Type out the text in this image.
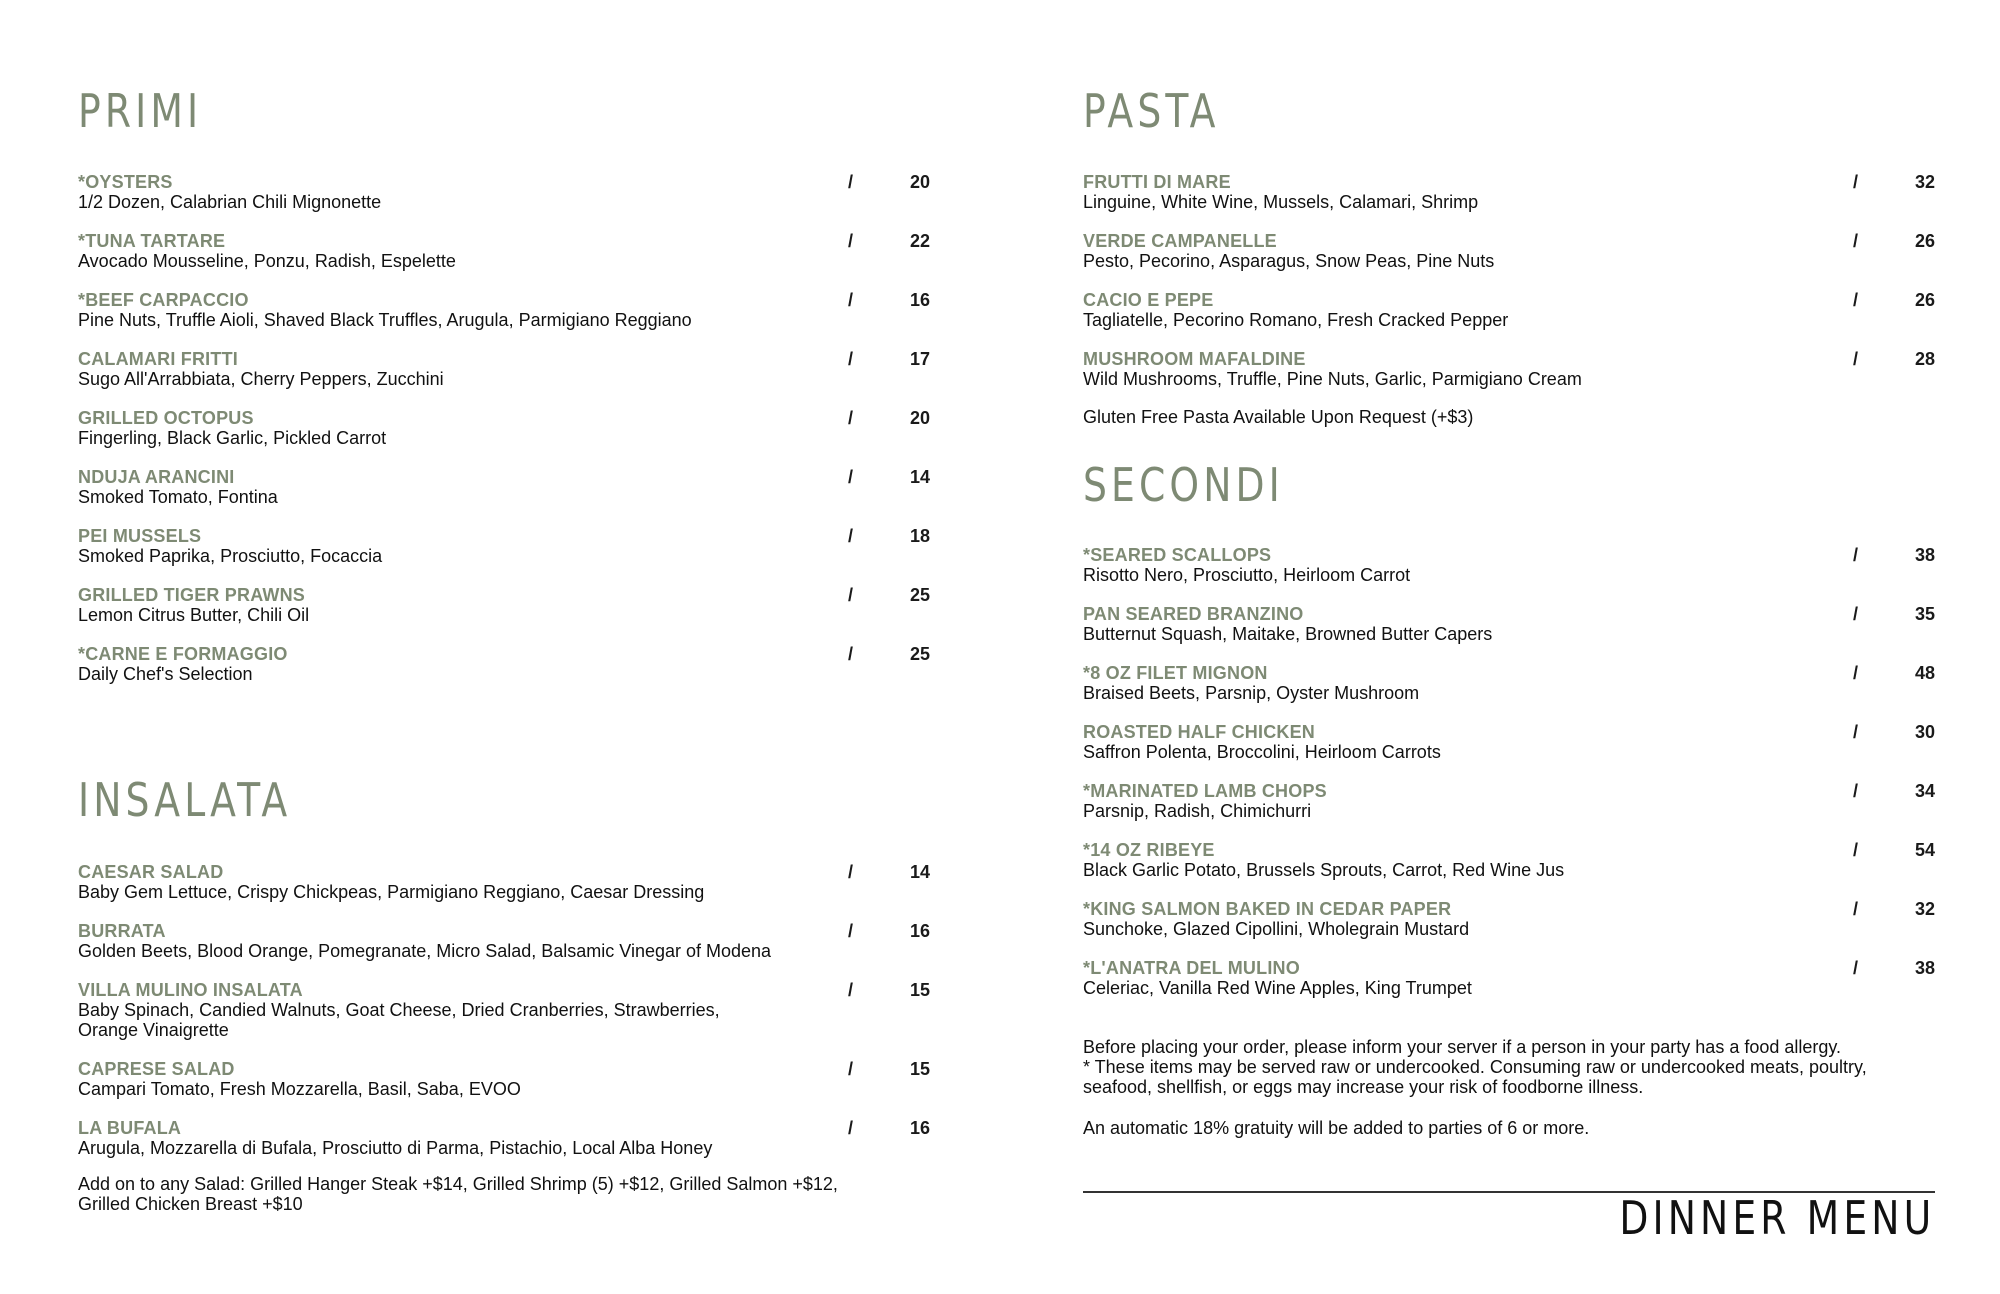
PRIMI
*OYSTERS
1/2 Dozen, Calabrian Chili Mignonette
/	20
*TUNA TARTARE
Avocado Mousseline, Ponzu, Radish, Espelette
/	22
*BEEF CARPACCIO
Pine Nuts, Truffle Aioli, Shaved Black Truffles, Arugula, Parmigiano Reggiano
/	16
CALAMARI FRITTI
Sugo All'Arrabbiata, Cherry Peppers, Zucchini
/	17
GRILLED OCTOPUS
Fingerling, Black Garlic, Pickled Carrot
/	20
NDUJA ARANCINI
Smoked Tomato, Fontina
/	14
PEI MUSSELS
Smoked Paprika, Prosciutto, Focaccia
/	18
GRILLED TIGER PRAWNS
Lemon Citrus Butter, Chili Oil
/	25
*CARNE E FORMAGGIO
Daily Chef's Selection
/	25
INSALATA
CAESAR SALAD
Baby Gem Lettuce, Crispy Chickpeas, Parmigiano Reggiano, Caesar Dressing
/	14
BURRATA
Golden Beets, Blood Orange, Pomegranate, Micro Salad, Balsamic Vinegar of Modena
/	16
VILLA MULINO INSALATA
Baby Spinach, Candied Walnuts, Goat Cheese, Dried Cranberries, Strawberries, Orange Vinaigrette
/	15
CAPRESE SALAD
Campari Tomato, Fresh Mozzarella, Basil, Saba, EVOO
/	15
LA BUFALA
Arugula, Mozzarella di Bufala, Prosciutto di Parma, Pistachio, Local Alba Honey
/	16
Add on to any Salad: Grilled Hanger Steak +$14, Grilled Shrimp (5) +$12, Grilled Salmon +$12, Grilled Chicken Breast +$10
PASTA
FRUTTI DI MARE
Linguine, White Wine, Mussels, Calamari, Shrimp
/	32
VERDE CAMPANELLE
Pesto, Pecorino, Asparagus, Snow Peas, Pine Nuts
/	26
CACIO E PEPE
Tagliatelle, Pecorino Romano, Fresh Cracked Pepper
/	26
MUSHROOM MAFALDINE
Wild Mushrooms, Truffle, Pine Nuts, Garlic, Parmigiano Cream
/	28
Gluten Free Pasta Available Upon Request (+$3)
SECONDI
*SEARED SCALLOPS
Risotto Nero, Prosciutto, Heirloom Carrot
/	38
PAN SEARED BRANZINO
Butternut Squash, Maitake, Browned Butter Capers
/	35
*8 OZ FILET MIGNON
Braised Beets, Parsnip, Oyster Mushroom
/	48
ROASTED HALF CHICKEN
Saffron Polenta, Broccolini, Heirloom Carrots
/	30
*MARINATED LAMB CHOPS
Parsnip, Radish, Chimichurri
/	34
*14 OZ RIBEYE
Black Garlic Potato, Brussels Sprouts, Carrot, Red Wine Jus
/	54
*KING SALMON BAKED IN CEDAR PAPER
Sunchoke, Glazed Cipollini, Wholegrain Mustard
/	32
*L'ANATRA DEL MULINO
Celeriac, Vanilla Red Wine Apples, King Trumpet
/	38
Before placing your order, please inform your server if a person in your party has a food allergy.
* These items may be served raw or undercooked. Consuming raw or undercooked meats, poultry, seafood, shellfish, or eggs may increase your risk of foodborne illness.
An automatic 18% gratuity will be added to parties of 6 or more.
DINNER MENU
